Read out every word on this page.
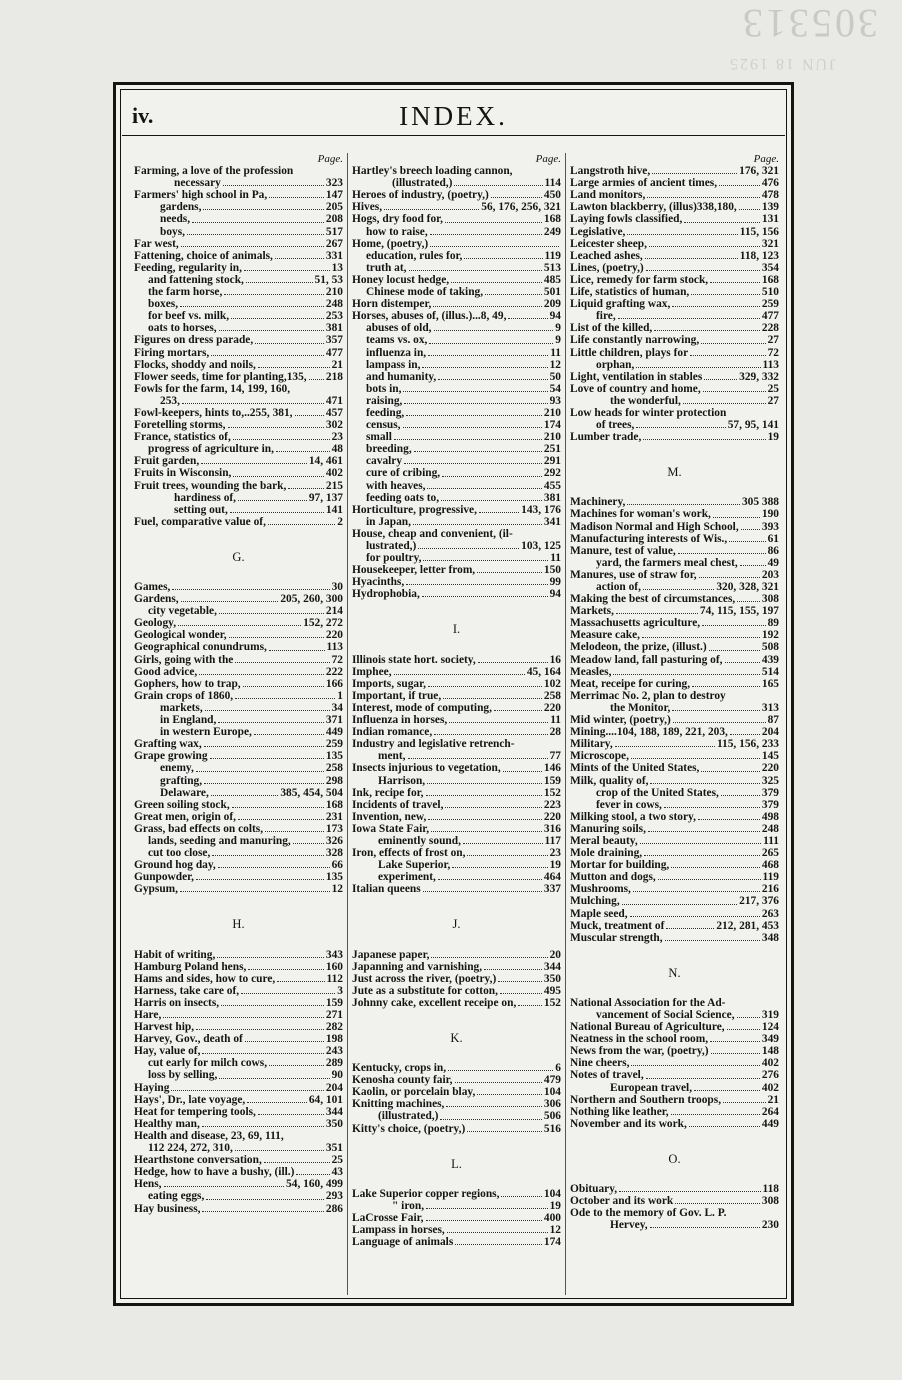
305313
JUN 18 1925
iv.	INDEX.
Page.
Farming, a love of the profession
necessary	323
Farmers' high school in Pa,	147
gardens,	205
needs,	208
boys,	517
Far west,	267
Fattening, choice of animals,	331
Feeding, regularity in,	13
and fattening stock,	51, 53
the farm horse,	210
boxes,	248
for beef vs. milk,	253
oats to horses,	381
Figures on dress parade,	357
Firing mortars,	477
Flocks, shoddy and noils,	21
Flower seeds, time for planting,135, 218
Fowls for the farm, 14, 199, 160,
253,	471
Fowl-keepers, hints to,..255, 381,	457
Foretelling storms,	302
France, statistics of,	23
progress of agriculture in,	48
Fruit garden,	14, 461
Fruits in Wisconsin,	402
Fruit trees, wounding the bark,	215
hardiness of,	97, 137
setting out,	141
Fuel, comparative value of,	2
G.
Games,	30
Gardens,	205, 260, 300
city vegetable,	214
Geology,	152, 272
Geological wonder,	220
Geographical conundrums,	113
Girls, going with the	72
Good advice,	222
Gophers, how to trap,	166
Grain crops of 1860,	1
markets,	34
in England,	371
in western Europe,	449
Grafting wax,	259
Grape growing	135
enemy,	258
grafting,	298
Delaware,	385, 454, 504
Green soiling stock,	168
Great men, origin of,	231
Grass, bad effects on colts,	173
lands, seeding and manuring,	326
cut too close,	328
Ground hog day,	66
Gunpowder,	135
Gypsum,	12
H.
Habit of writing,	343
Hamburg Poland hens,	160
Hams and sides, how to cure,	112
Harness, take care of,	3
Harris on insects,	159
Hare,	271
Harvest hip,	282
Harvey, Gov., death of	198
Hay, value of,	243
cut early for milch cows,	289
loss by selling,	90
Haying	204
Hays', Dr., late voyage,	64, 101
Heat for tempering tools,	344
Healthy man,	350
Health and disease, 23, 69, 111,
112 224, 272, 310,	351
Hearthstone conversation,	25
Hedge, how to have a bushy, (ill.)	43
Hens,	54, 160, 499
eating eggs,	293
Hay business,	286
Page.
Hartley's breech loading cannon,
(illustrated,)	114
Heroes of industry, (poetry,)	450
Hives,	56, 176, 256, 321
Hogs, dry food for,	168
how to raise,	249
Home, (poetry,)
education, rules for,	119
truth at,	513
Honey locust hedge,	485
Chinese mode of taking,	501
Horn distemper,	209
Horses, abuses of, (illus.)...8, 49,	94
abuses of old,	9
teams vs. ox,	9
influenza in,	11
lampass in,	12
and humanity,	50
bots in,	54
raising,	93
feeding,	210
census,	174
small	210
breeding,	251
cavalry	291
cure of cribing,	292
with heaves,	455
feeding oats to,	381
Horticulture, progressive,	143, 176
in Japan,	341
House, cheap and convenient, (il-
lustrated,)	103, 125
for poultry,	11
Housekeeper, letter from,	150
Hyacinths,	99
Hydrophobia,	94
I.
Illinois state hort. society,	16
Imphee,	45, 164
Imports, sugar,	102
Important, if true,	258
Interest, mode of computing,	220
Influenza in horses,	11
Indian romance,	28
Industry and legislative retrench-
ment,	77
Insects injurious to vegetation,	146
Harrison,	159
Ink, recipe for,	152
Incidents of travel,	223
Invention, new,	220
Iowa State Fair,	316
eminently sound,	117
Iron, effects of frost on,	23
Lake Superior,	19
experiment,	464
Italian queens	337
J.
Japanese paper,	20
Japanning and varnishing,	344
Just across the river, (poetry,)	350
Jute as a substitute for cotton,	495
Johnny cake, excellent receipe on, 152
K.
Kentucky, crops in,	6
Kenosha county fair,	479
Kaolin, or porcelain blay,	104
Knitting machines,	306
(illustrated,)	506
Kitty's choice, (poetry,)	516
L.
Lake Superior copper regions,	104
" iron,	19
LaCrosse Fair,	400
Lampass in horses,	12
Language of animals	174
Page.
Langstroth hive,	176, 321
Large armies of ancient times,	476
Land monitors,	478
Lawton blackberry, (illus)338,180, 139
Laying fowls classified,	131
Legislative,	115, 156
Leicester sheep,	321
Leached ashes,	118, 123
Lines, (poetry,)	354
Lice, remedy for farm stock,	168
Life, statistics of human,	510
Liquid grafting wax,	259
fire,	477
List of the killed,	228
Life constantly narrowing,	27
Little children, plays for	72
orphan,	113
Light, ventilation in stables	329, 332
Love of country and home,	25
the wonderful,	27
Low heads for winter protection
of trees,	57, 95, 141
Lumber trade,	19
M.
Machinery,	305 388
Machines for woman's work,	190
Madison Normal and High School, 393
Manufacturing interests of Wis.,	61
Manure, test of value,	86
yard, the farmers meal chest,	49
Manures, use of straw for,	203
action of,	320, 328, 321
Making the best of circumstances, 308
Markets,	74, 115, 155, 197
Massachusetts agriculture,	89
Measure cake,	192
Melodeon, the prize, (illust.)	508
Meadow land, fall pasturing of,	439
Measles,	514
Meat, receipe for curing,	165
Merrimac No. 2, plan to destroy
the Monitor,	313
Mid winter, (poetry,)	87
Mining....104, 188, 189, 221, 203,	204
Military,	115, 156, 233
Microscope,	145
Mints of the United States,	220
Milk, quality of,	325
crop of the United States,	379
fever in cows,	379
Milking stool, a two story,	498
Manuring soils,	248
Meral beauty,	111
Mole draining,	265
Mortar for building,	468
Mutton and dogs,	119
Mushrooms,	216
Mulching,	217, 376
Maple seed,	263
Muck, treatment of	212, 281, 453
Muscular strength,	348
N.
National Association for the Ad-
vancement of Social Science, 319
National Bureau of Agriculture,	124
Neatness in the school room,	349
News from the war, (poetry,)	148
Nine cheers,	402
Notes of travel,	276
European travel,	402
Northern and Southern troops,	21
Nothing like leather,	264
November and its work,	449
O.
Obituary,	118
October and its work	308
Ode to the memory of Gov. L. P.
Hervey,	230
